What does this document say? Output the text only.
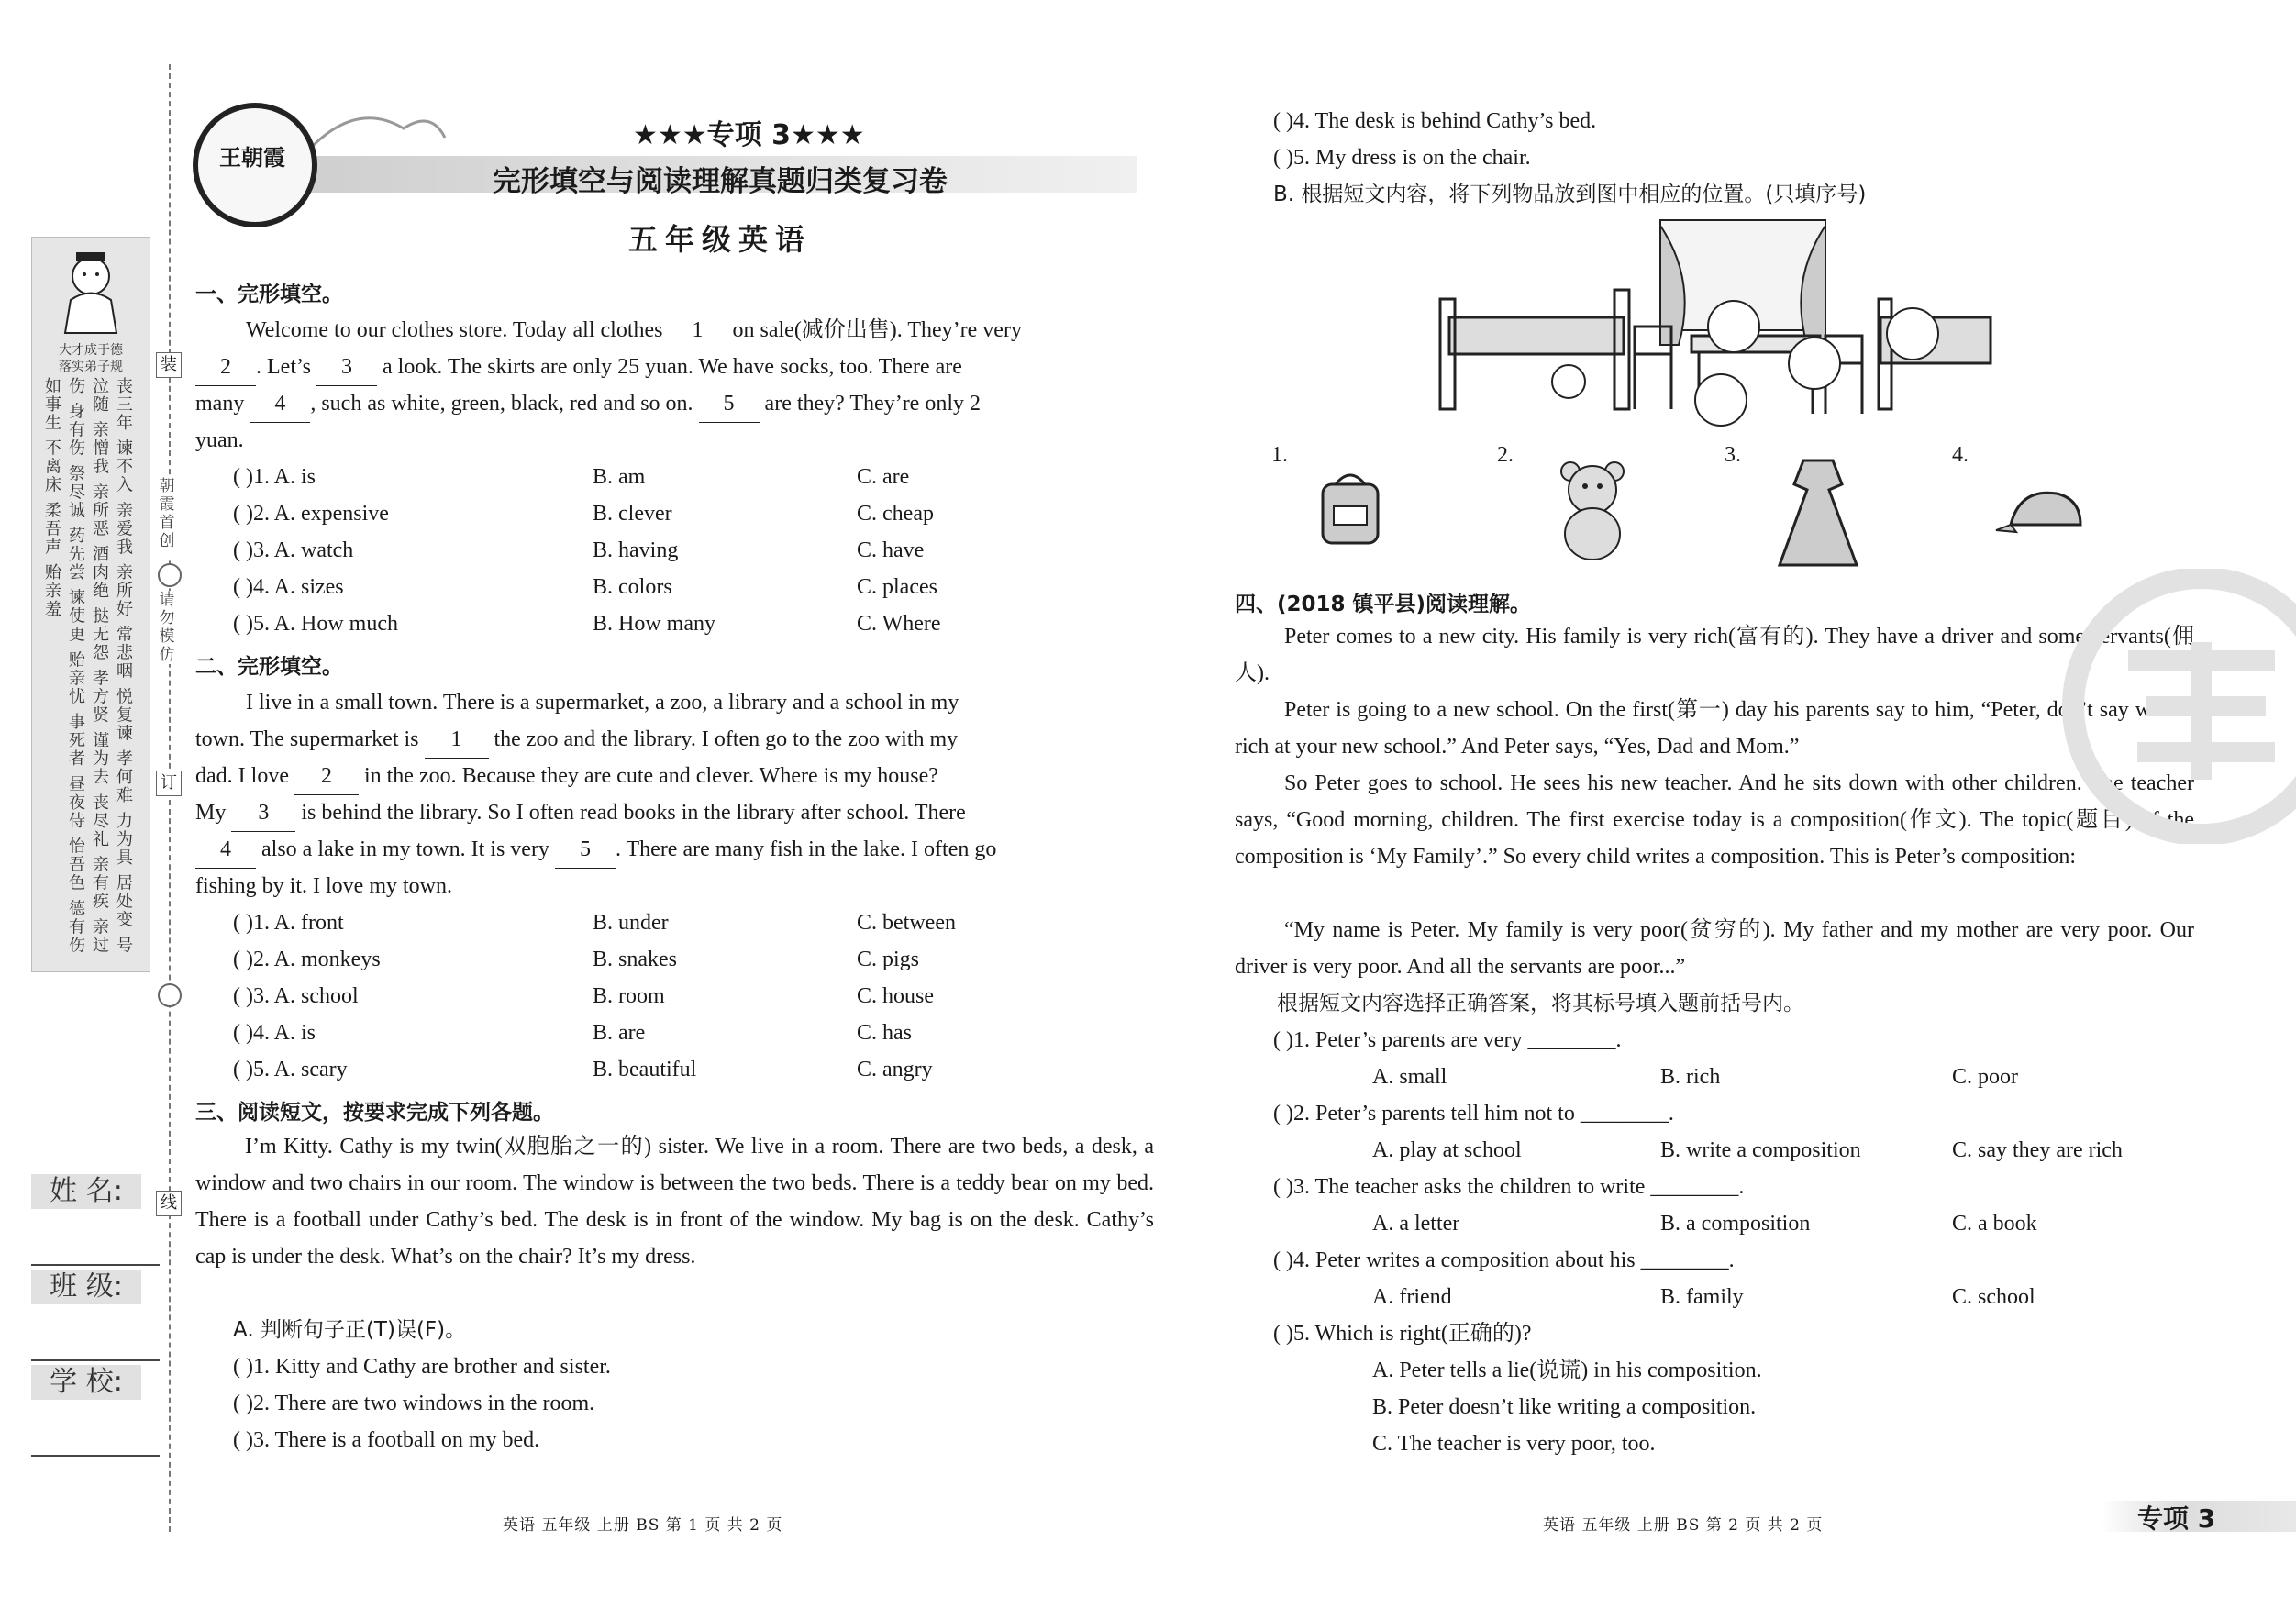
大才成于德
落实弟子规
丧三年 谏不入 亲爱我 亲所好 常悲咽 悦复谏 孝何难 力为具 居处变 号泣随 亲憎我 亲所恶 酒肉绝 挞无怨 孝方贤 谨为去 丧尽礼 亲有疾 亲过伤 身有伤 祭尽诚 药先尝 谏使更 贻亲忧 事死者 昼夜侍 怡吾色 德有伤 如事生 不离床 柔吾声 贻亲羞
姓 名:
班 级:
学 校:
装
朝霞首创
请勿模仿
订
线
王朝霞
★★★专项 3★★★
完形填空与阅读理解真题归类复习卷
五年级英语
一、完形填空。
Welcome to our clothes store. Today all clothes 1 on sale(减价出售). They’re very
2 . Let’s 3 a look. The skirts are only 25 yuan. We have socks, too. There are
many 4 , such as white, green, black, red and so on. 5 are they? They’re only 2
yuan.
( )1. A. is	B. am	C. are
( )2. A. expensive	B. clever	C. cheap
( )3. A. watch	B. having	C. have
( )4. A. sizes	B. colors	C. places
( )5. A. How much	B. How many	C. Where
二、完形填空。
I live in a small town. There is a supermarket, a zoo, a library and a school in my
town. The supermarket is 1 the zoo and the library. I often go to the zoo with my
dad. I love 2 in the zoo. Because they are cute and clever. Where is my house?
My 3 is behind the library. So I often read books in the library after school. There
4 also a lake in my town. It is very 5 . There are many fish in the lake. I often go
fishing by it. I love my town.
( )1. A. front	B. under	C. between
( )2. A. monkeys	B. snakes	C. pigs
( )3. A. school	B. room	C. house
( )4. A. is	B. are	C. has
( )5. A. scary	B. beautiful	C. angry
三、阅读短文，按要求完成下列各题。
I’m Kitty. Cathy is my twin(双胞胎之一的) sister. We live in a room. There are two beds, a desk, a window and two chairs in our room. The window is between the two beds. There is a teddy bear on my bed. There is a football under Cathy’s bed. The desk is in front of the window. My bag is on the desk. Cathy’s cap is under the desk. What’s on the chair? It’s my dress.
A. 判断句子正(T)误(F)。
( )1. Kitty and Cathy are brother and sister.
( )2. There are two windows in the room.
( )3. There is a football on my bed.
英语 五年级 上册 BS 第 1 页 共 2 页
( )4. The desk is behind Cathy’s bed.
( )5. My dress is on the chair.
B. 根据短文内容，将下列物品放到图中相应的位置。(只填序号)
1.	2.	3.	4.
四、(2018 镇平县)阅读理解。
Peter comes to a new city. His family is very rich(富有的). They have a driver and some servants(佣人).
Peter is going to a new school. On the first(第一) day his parents say to him, “Peter, don’t say we are rich at your new school.” And Peter says, “Yes, Dad and Mom.”
So Peter goes to school. He sees his new teacher. And he sits down with other children. The teacher says, “Good morning, children. The first exercise today is a composition(作文). The topic(题目) of the composition is ‘My Family’.” So every child writes a composition. This is Peter’s composition:
“My name is Peter. My family is very poor(贫穷的). My father and my mother are very poor. Our driver is very poor. And all the servants are poor...”
根据短文内容选择正确答案，将其标号填入题前括号内。
( )1. Peter’s parents are very ________.
A. small	B. rich	C. poor
( )2. Peter’s parents tell him not to ________.
A. play at school	B. write a composition	C. say they are rich
( )3. The teacher asks the children to write ________.
A. a letter	B. a composition	C. a book
( )4. Peter writes a composition about his ________.
A. friend	B. family	C. school
( )5. Which is right(正确的)?
A. Peter tells a lie(说谎) in his composition.
B. Peter doesn’t like writing a composition.
C. The teacher is very poor, too.
英语 五年级 上册 BS 第 2 页 共 2 页	专项 3
